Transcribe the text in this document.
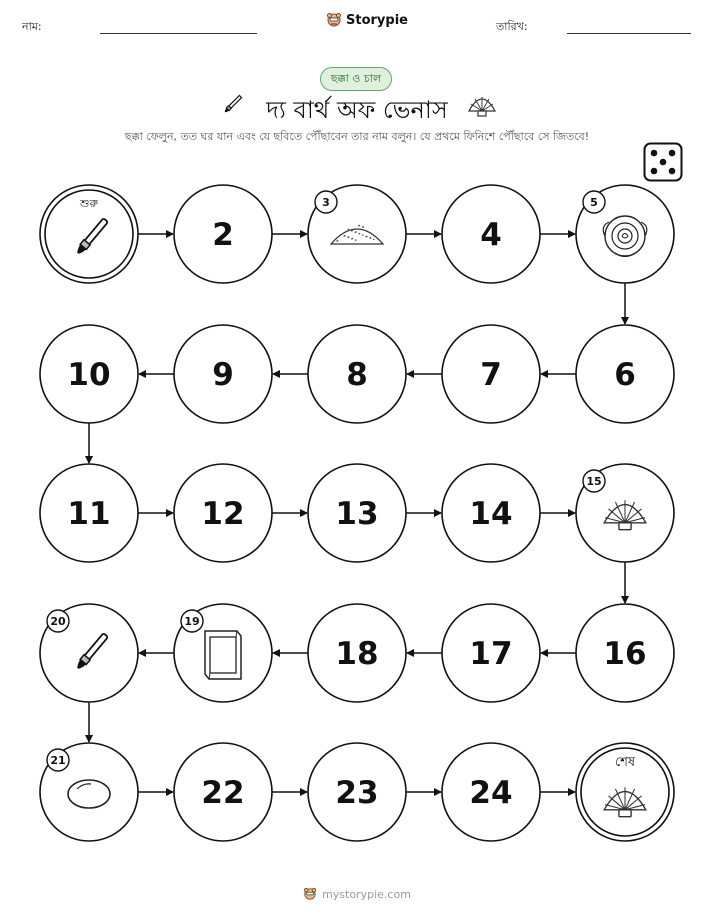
নাম:	Storypie	তারিখ:
ছক্কা ও চাল
দ্য বার্থ অফ ভেনাস
ছক্কা ফেলুন, তত ঘর যান এবং যে ছবিতে পৌঁছাবেন তার নাম বলুন। যে প্রথমে ফিনিশে পৌঁছাবে সে জিতবে!
শুরু
2
3
4
5
6
7
8
9
10
11	12	13	14
15
16
17
18
19
20
21
22	23	24
শেষ
mystorypie.com
